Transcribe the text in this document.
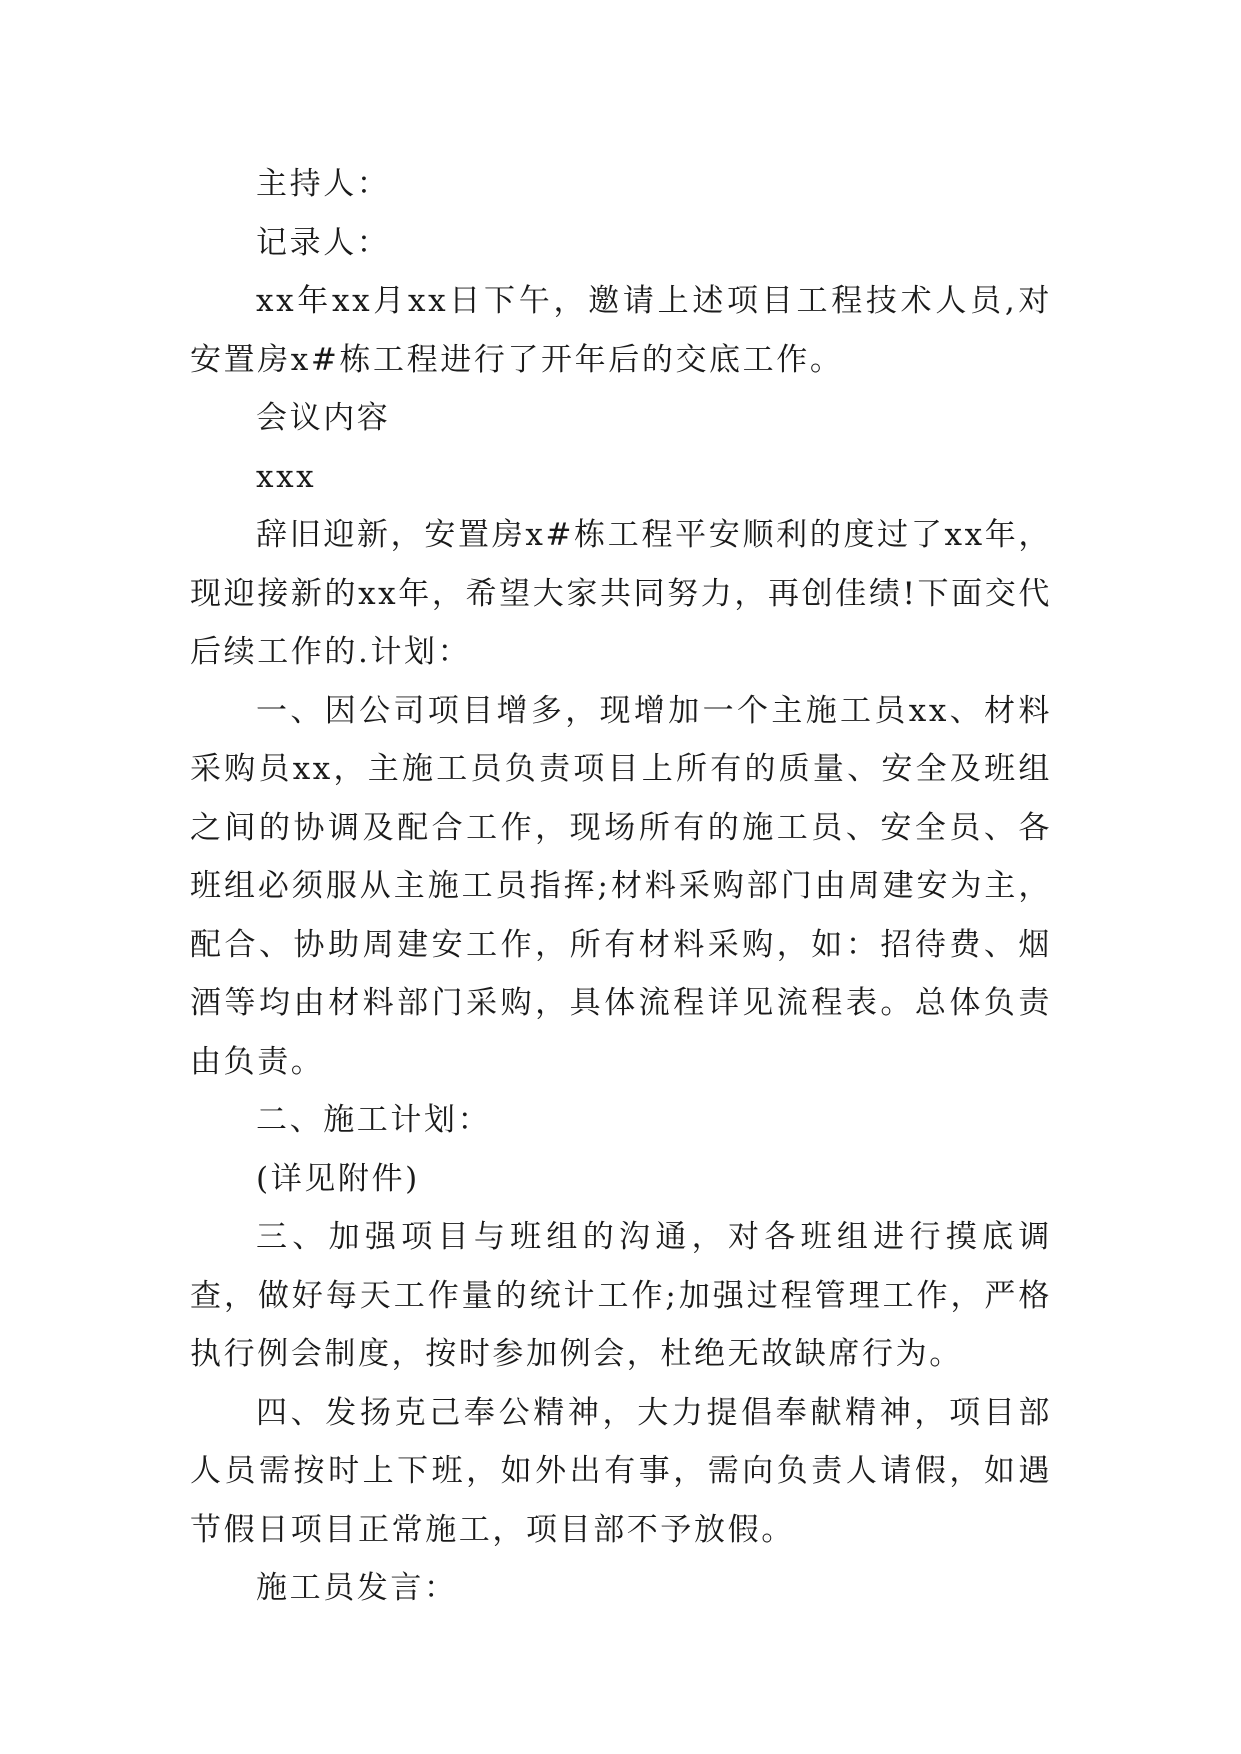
主持人：

记录人：

xx年xx月xx日下午，邀请上述项目工程技术人员,对安置房x#栋工程进行了开年后的交底工作。

会议内容

xxx

辞旧迎新，安置房x#栋工程平安顺利的度过了xx年，现迎接新的xx年，希望大家共同努力，再创佳绩!下面交代后续工作的.计划：

一、因公司项目增多，现增加一个主施工员xx、材料采购员xx，主施工员负责项目上所有的质量、安全及班组之间的协调及配合工作，现场所有的施工员、安全员、各班组必须服从主施工员指挥;材料采购部门由周建安为主，配合、协助周建安工作，所有材料采购，如：招待费、烟酒等均由材料部门采购，具体流程详见流程表。总体负责由负责。

二、施工计划：

(详见附件)

三、加强项目与班组的沟通，对各班组进行摸底调查，做好每天工作量的统计工作;加强过程管理工作，严格执行例会制度，按时参加例会，杜绝无故缺席行为。

四、发扬克己奉公精神，大力提倡奉献精神，项目部人员需按时上下班，如外出有事，需向负责人请假，如遇节假日项目正常施工，项目部不予放假。

施工员发言：
